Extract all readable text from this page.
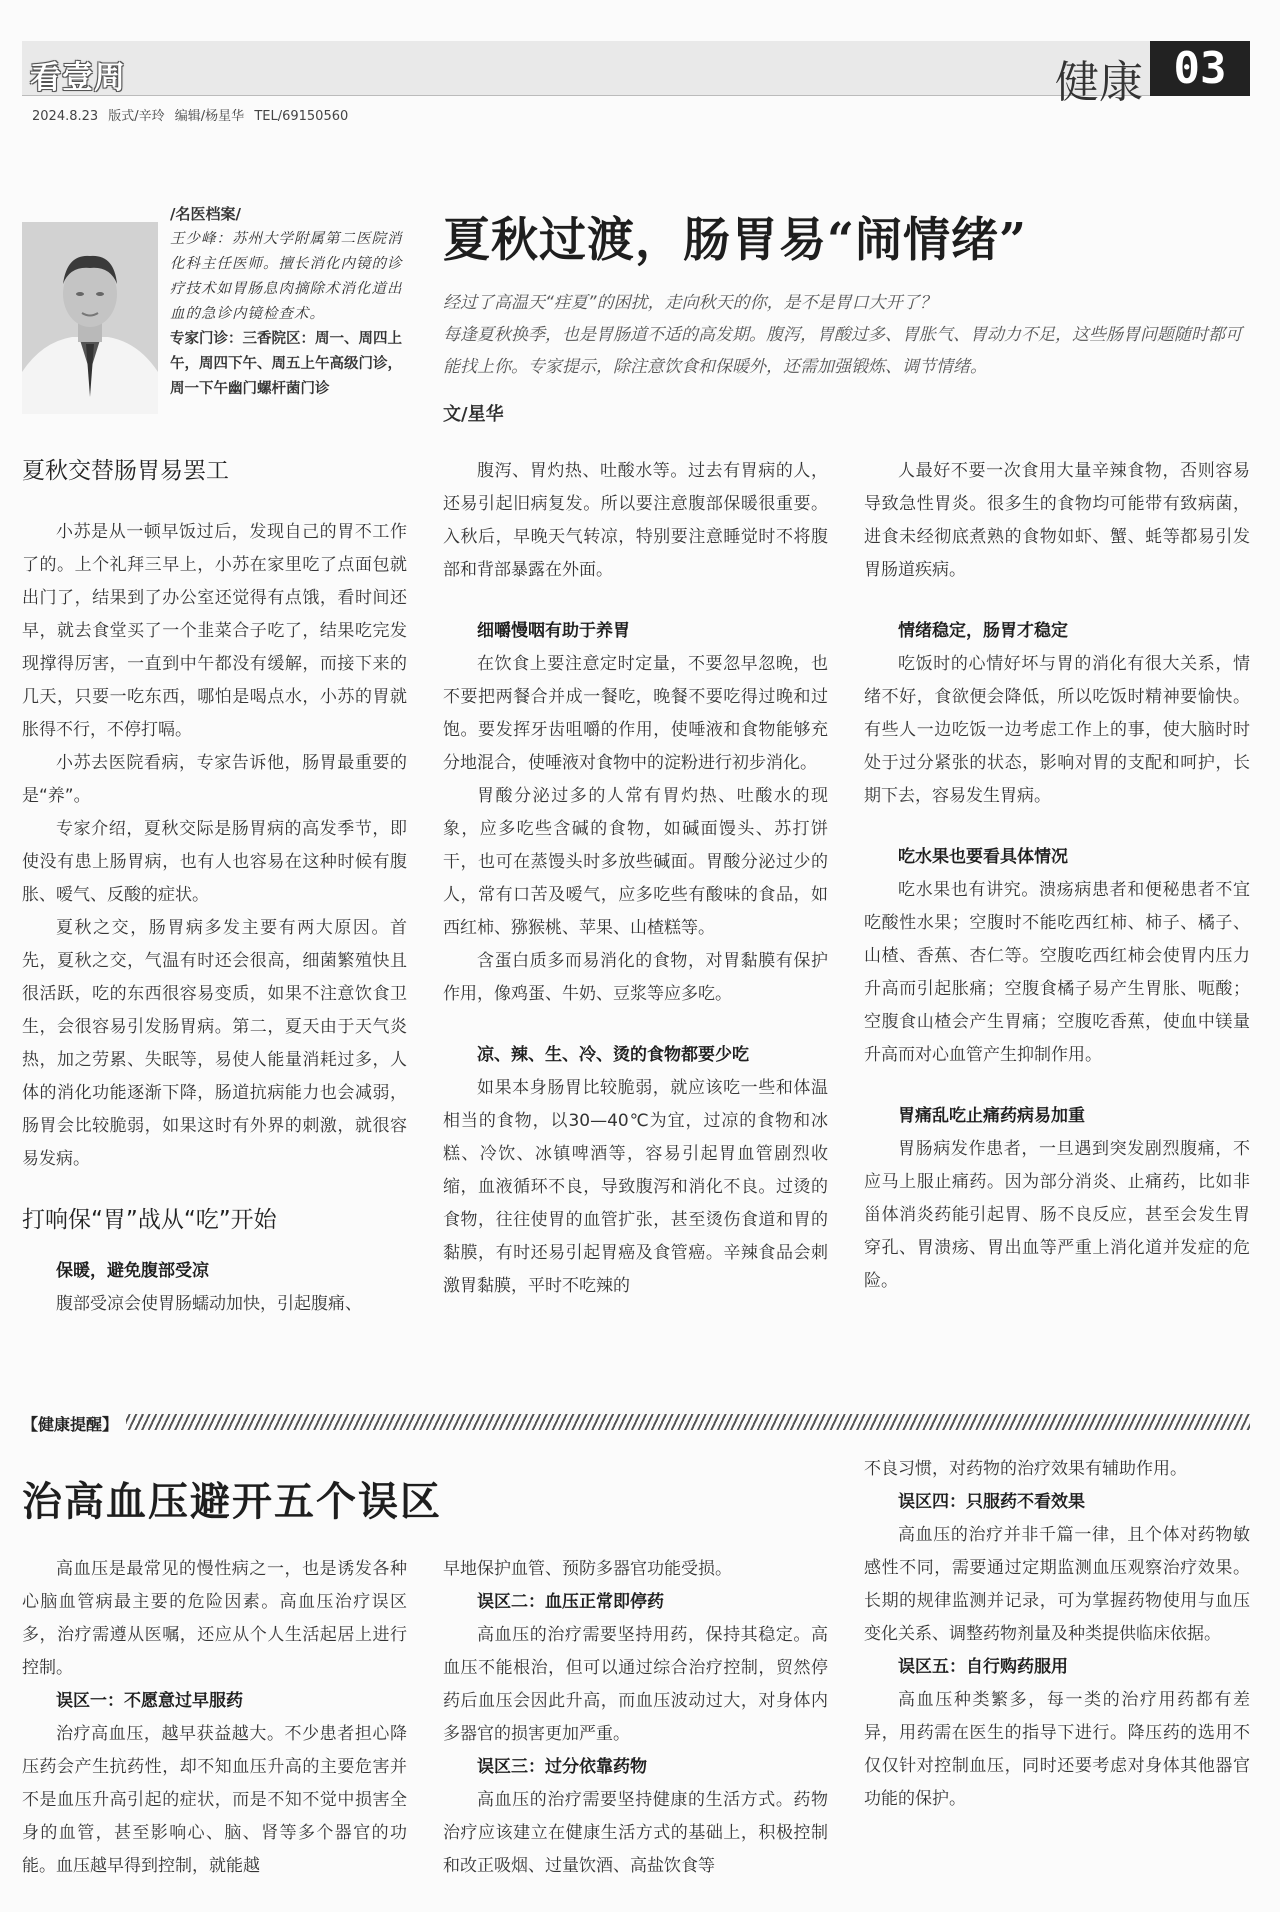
看壹周	健康 03
2024.8.23 版式/辛玲 编辑/杨星华 TEL/69150560
/名医档案/
王少峰：苏州大学附属第二医院消化科主任医师。擅长消化内镜的诊疗技术如胃肠息肉摘除术消化道出血的急诊内镜检查术。
专家门诊：三香院区：周一、周四上午，周四下午、周五上午高级门诊，周一下午幽门螺杆菌门诊
夏秋过渡，肠胃易“闹情绪”
经过了高温天“疰夏”的困扰，走向秋天的你，是不是胃口大开了？
每逢夏秋换季，也是胃肠道不适的高发期。腹泻，胃酸过多、胃胀气、胃动力不足，这些肠胃问题随时都可能找上你。专家提示，除注意饮食和保暖外，还需加强锻炼、调节情绪。
文/星华
夏秋交替肠胃易罢工

小苏是从一顿早饭过后，发现自己的胃不工作了的。上个礼拜三早上，小苏在家里吃了点面包就出门了，结果到了办公室还觉得有点饿，看时间还早，就去食堂买了一个韭菜合子吃了，结果吃完发现撑得厉害，一直到中午都没有缓解，而接下来的几天，只要一吃东西，哪怕是喝点水，小苏的胃就胀得不行，不停打嗝。

小苏去医院看病，专家告诉他，肠胃最重要的是“养”。

专家介绍，夏秋交际是肠胃病的高发季节，即使没有患上肠胃病，也有人也容易在这种时候有腹胀、嗳气、反酸的症状。

夏秋之交，肠胃病多发主要有两大原因。首先，夏秋之交，气温有时还会很高，细菌繁殖快且很活跃，吃的东西很容易变质，如果不注意饮食卫生，会很容易引发肠胃病。第二，夏天由于天气炎热，加之劳累、失眠等，易使人能量消耗过多，人体的消化功能逐渐下降，肠道抗病能力也会减弱，肠胃会比较脆弱，如果这时有外界的刺激，就很容易发病。

打响保“胃”战从“吃”开始
保暖，避免腹部受凉

腹部受凉会使胃肠蠕动加快，引起腹痛、

腹泻、胃灼热、吐酸水等。过去有胃病的人，还易引起旧病复发。所以要注意腹部保暖很重要。入秋后，早晚天气转凉，特别要注意睡觉时不将腹部和背部暴露在外面。

细嚼慢咽有助于养胃

在饮食上要注意定时定量，不要忽早忽晚，也不要把两餐合并成一餐吃，晚餐不要吃得过晚和过饱。要发挥牙齿咀嚼的作用，使唾液和食物能够充分地混合，使唾液对食物中的淀粉进行初步消化。

胃酸分泌过多的人常有胃灼热、吐酸水的现象，应多吃些含碱的食物，如碱面馒头、苏打饼干，也可在蒸馒头时多放些碱面。胃酸分泌过少的人，常有口苦及嗳气，应多吃些有酸味的食品，如西红柿、猕猴桃、苹果、山楂糕等。

含蛋白质多而易消化的食物，对胃黏膜有保护作用，像鸡蛋、牛奶、豆浆等应多吃。

凉、辣、生、冷、烫的食物都要少吃

如果本身肠胃比较脆弱，就应该吃一些和体温相当的食物，以30—40℃为宜，过凉的食物和冰糕、冷饮、冰镇啤酒等，容易引起胃血管剧烈收缩，血液循环不良，导致腹泻和消化不良。过烫的食物，往往使胃的血管扩张，甚至烫伤食道和胃的黏膜，有时还易引起胃癌及食管癌。辛辣食品会刺激胃黏膜，平时不吃辣的

人最好不要一次食用大量辛辣食物，否则容易导致急性胃炎。很多生的食物均可能带有致病菌，进食未经彻底煮熟的食物如虾、蟹、蚝等都易引发胃肠道疾病。

情绪稳定，肠胃才稳定

吃饭时的心情好坏与胃的消化有很大关系，情绪不好，食欲便会降低，所以吃饭时精神要愉快。有些人一边吃饭一边考虑工作上的事，使大脑时时处于过分紧张的状态，影响对胃的支配和呵护，长期下去，容易发生胃病。

吃水果也要看具体情况

吃水果也有讲究。溃疡病患者和便秘患者不宜吃酸性水果；空腹时不能吃西红柿、柿子、橘子、山楂、香蕉、杏仁等。空腹吃西红柿会使胃内压力升高而引起胀痛；空腹食橘子易产生胃胀、呃酸；空腹食山楂会产生胃痛；空腹吃香蕉，使血中镁量升高而对心血管产生抑制作用。

胃痛乱吃止痛药病易加重

胃肠病发作患者，一旦遇到突发剧烈腹痛，不应马上服止痛药。因为部分消炎、止痛药，比如非甾体消炎药能引起胃、肠不良反应，甚至会发生胃穿孔、胃溃疡、胃出血等严重上消化道并发症的危险。

【健康提醒】
治高血压避开五个误区

高血压是最常见的慢性病之一，也是诱发各种心脑血管病最主要的危险因素。高血压治疗误区多，治疗需遵从医嘱，还应从个人生活起居上进行控制。

误区一：不愿意过早服药

治疗高血压，越早获益越大。不少患者担心降压药会产生抗药性，却不知血压升高的主要危害并不是血压升高引起的症状，而是不知不觉中损害全身的血管，甚至影响心、脑、肾等多个器官的功能。血压越早得到控制，就能越

早地保护血管、预防多器官功能受损。

误区二：血压正常即停药

高血压的治疗需要坚持用药，保持其稳定。高血压不能根治，但可以通过综合治疗控制，贸然停药后血压会因此升高，而血压波动过大，对身体内多器官的损害更加严重。

误区三：过分依靠药物

高血压的治疗需要坚持健康的生活方式。药物治疗应该建立在健康生活方式的基础上，积极控制和改正吸烟、过量饮酒、高盐饮食等

不良习惯，对药物的治疗效果有辅助作用。

误区四：只服药不看效果

高血压的治疗并非千篇一律，且个体对药物敏感性不同，需要通过定期监测血压观察治疗效果。长期的规律监测并记录，可为掌握药物使用与血压变化关系、调整药物剂量及种类提供临床依据。

误区五：自行购药服用

高血压种类繁多，每一类的治疗用药都有差异，用药需在医生的指导下进行。降压药的选用不仅仅针对控制血压，同时还要考虑对身体其他器官功能的保护。
